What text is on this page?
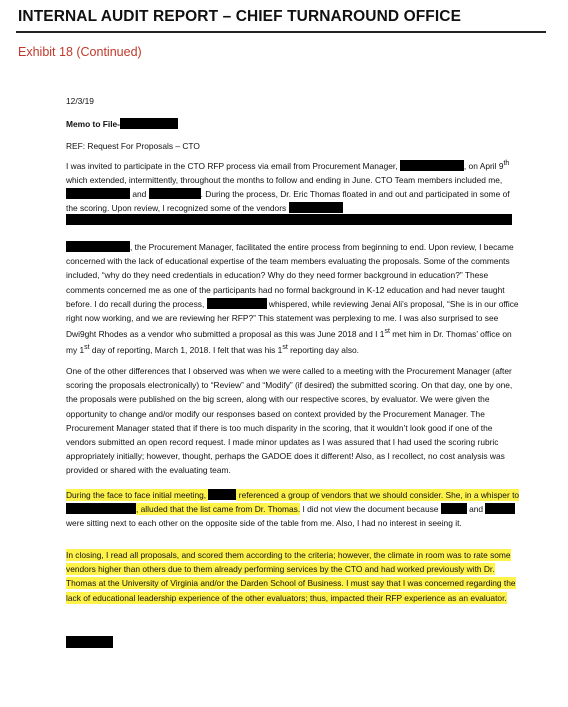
INTERNAL AUDIT REPORT – CHIEF TURNAROUND OFFICE
Exhibit 18 (Continued)
12/3/19
Memo to File-
REF: Request For Proposals – CTO

I was invited to participate in the CTO RFP process via email from Procurement Manager,	, on April 9th which extended, intermittently, throughout the months to follow and ending in June. CTO Team members included me,  and	. During the process, Dr. Eric Thomas floated in and out and participated in some of the scoring. Upon review, I recognized some of the vendors

, the Procurement Manager, facilitated the entire process from beginning to end. Upon review, I became concerned with the lack of educational expertise of the team members evaluating the proposals. Some of the comments included, “why do they need credentials in education? Why do they need former background in education?” These comments concerned me as one of the participants had no formal background in K-12 education and had never taught before. I do recall during the process,	whispered, while reviewing Jenai Ali’s proposal, “She is in our office right now working, and we are reviewing her RFP?” This statement was perplexing to me. I was also surprised to see Dwi9ght Rhodes as a vendor who submitted a proposal as this was June 2018 and I 1st met him in Dr. Thomas’ office on my 1st day of reporting, March 1, 2018. I felt that was his 1st reporting day also.

One of the other differences that I observed was when we were called to a meeting with the Procurement Manager (after scoring the proposals electronically) to “Review” and “Modify” (if desired) the submitted scoring. On that day, one by one, the proposals were published on the big screen, along with our respective scores, by evaluator. We were given the opportunity to change and/or modify our responses based on context provided by the Procurement Manager. The Procurement Manager stated that if there is too much disparity in the scoring, that it wouldn’t look good if one of the vendors submitted an open record request. I made minor updates as I was assured that I had used the scoring rubric appropriately initially; however, thought, perhaps the GADOE does it different! Also, as I recollect, no cost analysis was provided or shared with the evaluating team.

During the face to face initial meeting,	referenced a group of vendors that we should consider. She, in a whisper to , alluded that the list came from Dr. Thomas. I did not view the document because	and  were sitting next to each other on the opposite side of the table from me. Also, I had no interest in seeing it.

In closing, I read all proposals, and scored them according to the criteria; however, the climate in room was to rate some vendors higher than others due to them already performing services by the CTO and had worked previously with Dr. Thomas at the University of Virginia and/or the Darden School of Business. I must say that I was concerned regarding the lack of educational leadership experience of the other evaluators; thus, impacted their RFP experience as an evaluator.
